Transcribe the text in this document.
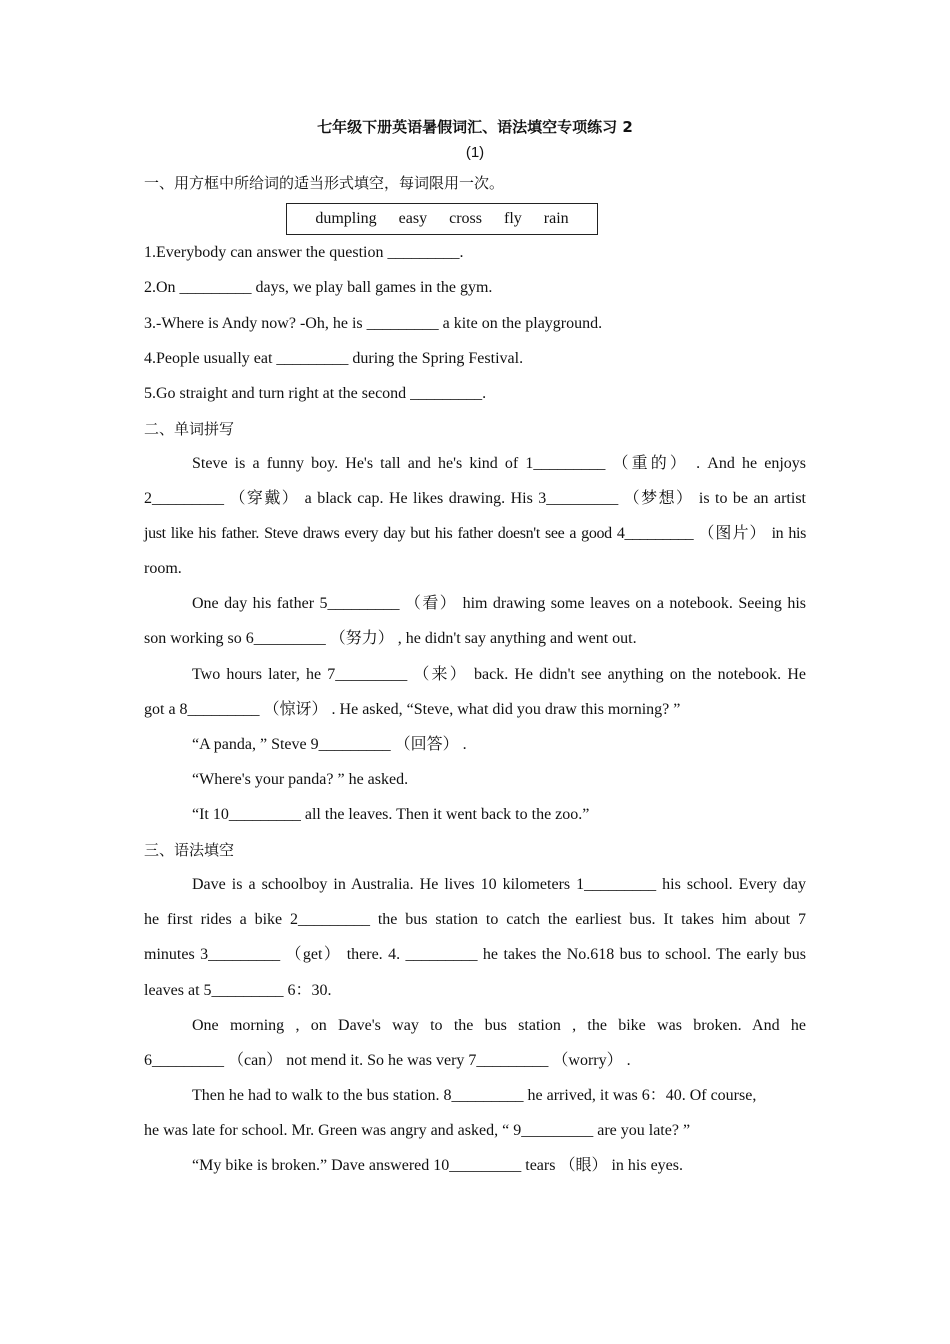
七年级下册英语暑假词汇、语法填空专项练习 2
(1)
一、用方框中所给词的适当形式填空，每词限用一次。
dumpling easy cross fly rain
1.Everybody can answer the question _________.
2.On _________ days, we play ball games in the gym.
3.-Where is Andy now? -Oh, he is _________ a kite on the playground.
4.People usually eat _________ during the Spring Festival.
5.Go straight and turn right at the second _________.
二、单词拼写
Steve is a funny boy. He's tall and he's kind of 1_________ （重的） . And he enjoys
2_________ （穿戴） a black cap. He likes drawing. His 3_________ （梦想） is to be an artist
just like his father. Steve draws every day but his father doesn't see a good 4_________ （图片） in his
room.
One day his father 5_________ （看） him drawing some leaves on a notebook. Seeing his
son working so 6_________ （努力） , he didn't say anything and went out.
Two hours later, he 7_________ （来） back. He didn't see anything on the notebook. He
got a 8_________ （惊讶） . He asked, “Steve, what did you draw this morning? ”
“A panda, ” Steve 9_________ （回答） .
“Where's your panda? ” he asked.
“It 10_________ all the leaves. Then it went back to the zoo.”
三、语法填空
Dave is a schoolboy in Australia. He lives 10 kilometers 1_________ his school. Every day
he first rides a bike 2_________ the bus station to catch the earliest bus. It takes him about 7
minutes 3_________ （get） there. 4. _________ he takes the No.618 bus to school. The early bus
leaves at 5_________ 6：30.
One morning , on Dave's way to the bus station , the bike was broken. And he
6_________ （can） not mend it. So he was very 7_________ （worry） .
Then he had to walk to the bus station. 8_________ he arrived, it was 6：40. Of course,
he was late for school. Mr. Green was angry and asked, “ 9_________ are you late? ”
“My bike is broken.” Dave answered 10_________ tears （眼） in his eyes.
